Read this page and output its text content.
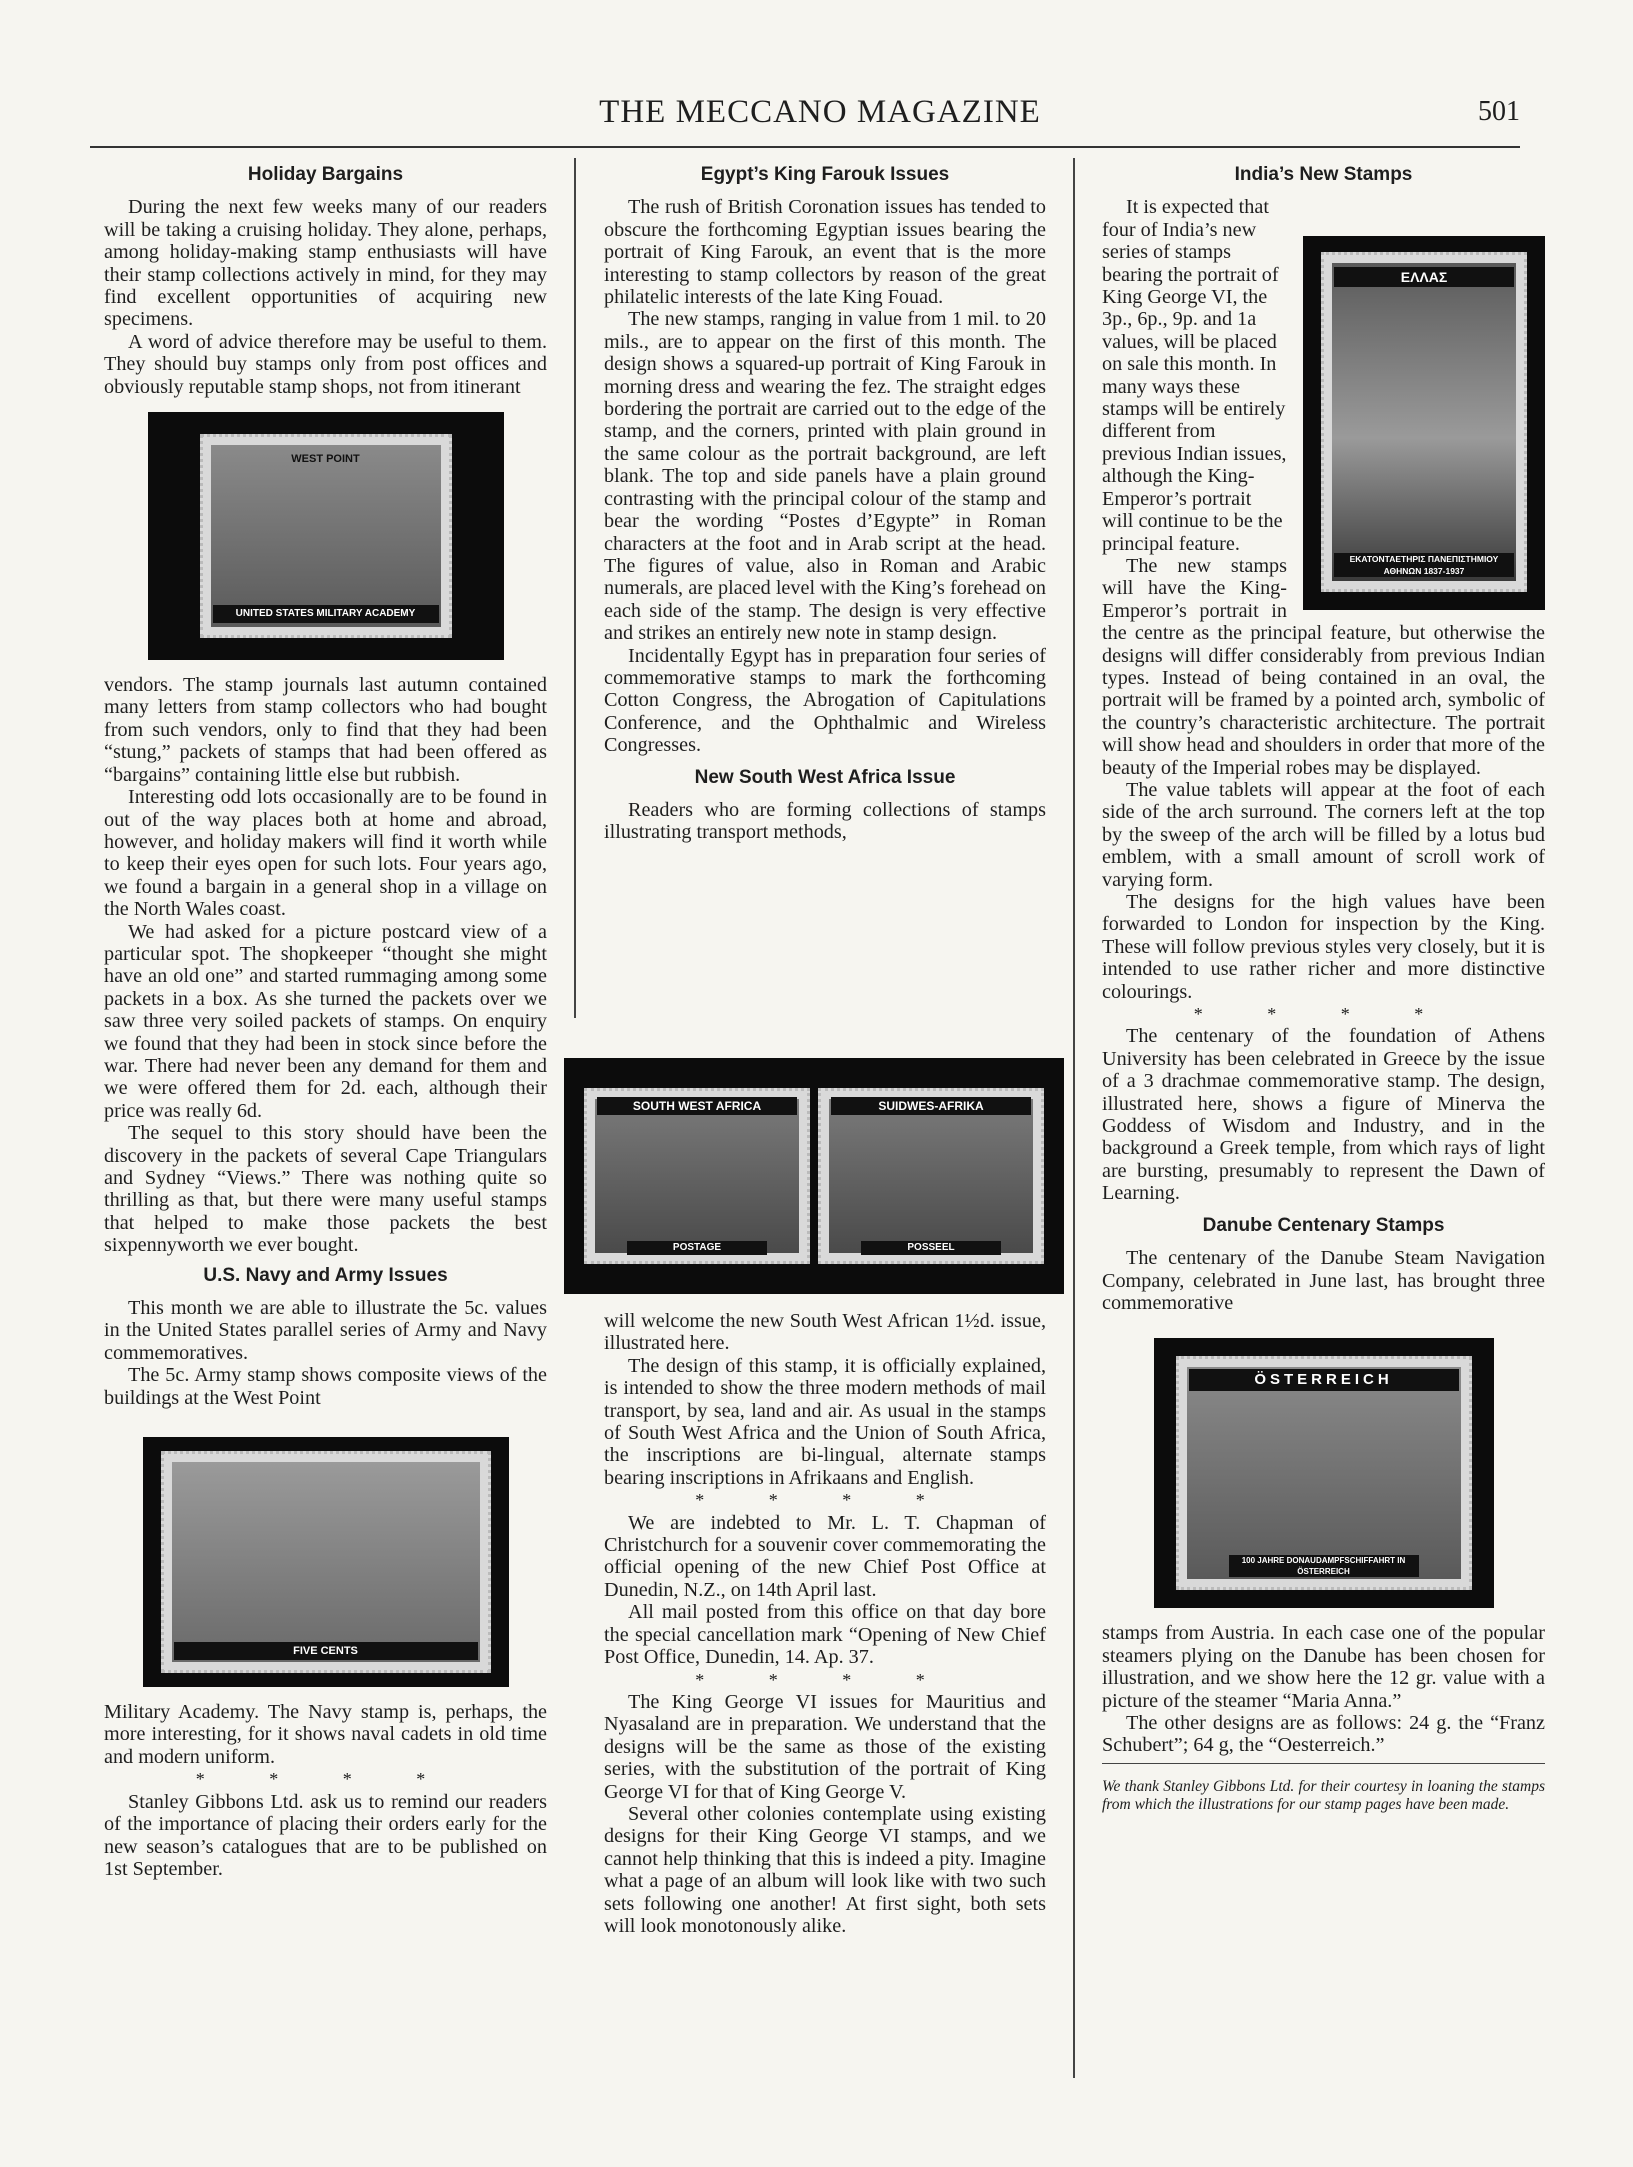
THE MECCANO MAGAZINE	501
Holiday Bargains

During the next few weeks many of our readers will be taking a cruising holiday. They alone, perhaps, among holiday-making stamp enthusiasts will have their stamp collections actively in mind, for they may find excellent opportunities of acquiring new specimens.

A word of advice therefore may be useful to them. They should buy stamps only from post offices and obviously reputable stamp shops, not from itinerant

WEST POINT
UNITED STATES MILITARY ACADEMY

vendors. The stamp journals last autumn contained many letters from stamp collectors who had bought from such vendors, only to find that they had been “stung,” packets of stamps that had been offered as “bargains” containing little else but rubbish.

Interesting odd lots occasionally are to be found in out of the way places both at home and abroad, however, and holiday makers will find it worth while to keep their eyes open for such lots. Four years ago, we found a bargain in a general shop in a village on the North Wales coast.

We had asked for a picture postcard view of a particular spot. The shopkeeper “thought she might have an old one” and started rummaging among some packets in a box. As she turned the packets over we saw three very soiled packets of stamps. On enquiry we found that they had been in stock since before the war. There had never been any demand for them and we were offered them for 2d. each, although their price was really 6d.

The sequel to this story should have been the discovery in the packets of several Cape Triangulars and Sydney “Views.” There was nothing quite so thrilling as that, but there were many useful stamps that helped to make those packets the best sixpennyworth we ever bought.

U.S. Navy and Army Issues

This month we are able to illustrate the 5c. values in the United States parallel series of Army and Navy commemoratives.

The 5c. Army stamp shows composite views of the buildings at the West Point

FIVE CENTS

Military Academy. The Navy stamp is, perhaps, the more interesting, for it shows naval cadets in old time and modern uniform.

* * * *

Stanley Gibbons Ltd. ask us to remind our readers of the importance of placing their orders early for the new season’s catalogues that are to be published on 1st September.

Egypt’s King Farouk Issues

The rush of British Coronation issues has tended to obscure the forthcoming Egyptian issues bearing the portrait of King Farouk, an event that is the more interesting to stamp collectors by reason of the great philatelic interests of the late King Fouad.

The new stamps, ranging in value from 1 mil. to 20 mils., are to appear on the first of this month. The design shows a squared-up portrait of King Farouk in morning dress and wearing the fez. The straight edges bordering the portrait are carried out to the edge of the stamp, and the corners, printed with plain ground in the same colour as the portrait background, are left blank. The top and side panels have a plain ground contrasting with the principal colour of the stamp and bear the wording “Postes d’Egypte” in Roman characters at the foot and in Arab script at the head. The figures of value, also in Roman and Arabic numerals, are placed level with the King’s forehead on each side of the stamp. The design is very effective and strikes an entirely new note in stamp design.

Incidentally Egypt has in preparation four series of commemorative stamps to mark the forthcoming Cotton Congress, the Abrogation of Capitulations Conference, and the Ophthalmic and Wireless Congresses.

New South West Africa Issue

Readers who are forming collections of stamps illustrating transport methods,

SOUTH WEST AFRICA
POSTAGE
SUIDWES-AFRIKA
POSSEEL

will welcome the new South West African 1½d. issue, illustrated here.

The design of this stamp, it is officially explained, is intended to show the three modern methods of mail transport, by sea, land and air. As usual in the stamps of South West Africa and the Union of South Africa, the inscriptions are bi-lingual, alternate stamps bearing inscriptions in Afrikaans and English.

* * * *

We are indebted to Mr. L. T. Chapman of Christchurch for a souvenir cover commemorating the official opening of the new Chief Post Office at Dunedin, N.Z., on 14th April last.

All mail posted from this office on that day bore the special cancellation mark “Opening of New Chief Post Office, Dunedin, 14. Ap. 37.

* * * *

The King George VI issues for Mauritius and Nyasaland are in preparation. We understand that the designs will be the same as those of the existing series, with the substitution of the portrait of King George VI for that of King George V.

Several other colonies contemplate using existing designs for their King George VI stamps, and we cannot help thinking that this is indeed a pity. Imagine what a page of an album will look like with two such sets following one another! At first sight, both sets will look monotonously alike.

India’s New Stamps
ΕΛΛΑΣ
ΕΚΑΤΟΝΤΑΕΤΗΡΙΣ ΠΑΝΕΠΙΣΤΗΜΙΟΥ ΑΘΗΝΩΝ 1837-1937

It is expected that four of India’s new series of stamps bearing the portrait of King George VI, the 3p., 6p., 9p. and 1a values, will be placed on sale this month. In many ways these stamps will be entirely different from previous Indian issues, although the King-Emperor’s portrait will continue to be the principal feature.

The new stamps will have the King-Emperor’s portrait in the centre as the principal feature, but otherwise the designs will differ considerably from previous Indian types. Instead of being contained in an oval, the portrait will be framed by a pointed arch, symbolic of the country’s characteristic architecture. The portrait will show head and shoulders in order that more of the beauty of the Imperial robes may be displayed.

The value tablets will appear at the foot of each side of the arch surround. The corners left at the top by the sweep of the arch will be filled by a lotus bud emblem, with a small amount of scroll work of varying form.

The designs for the high values have been forwarded to London for inspection by the King. These will follow previous styles very closely, but it is intended to use rather richer and more distinctive colourings.

* * * *

The centenary of the foundation of Athens University has been celebrated in Greece by the issue of a 3 drachmae commemorative stamp. The design, illustrated here, shows a figure of Minerva the Goddess of Wisdom and Industry, and in the background a Greek temple, from which rays of light are bursting, presumably to represent the Dawn of Learning.

Danube Centenary Stamps

The centenary of the Danube Steam Navigation Company, celebrated in June last, has brought three commemorative

ÖSTERREICH
100 JAHRE DONAUDAMPFSCHIFFAHRT IN ÖSTERREICH

stamps from Austria. In each case one of the popular steamers plying on the Danube has been chosen for illustration, and we show here the 12 gr. value with a picture of the steamer “Maria Anna.”

The other designs are as follows: 24 g. the “Franz Schubert”; 64 g, the “Oesterreich.”

We thank Stanley Gibbons Ltd. for their courtesy in loaning the stamps from which the illustrations for our stamp pages have been made.
